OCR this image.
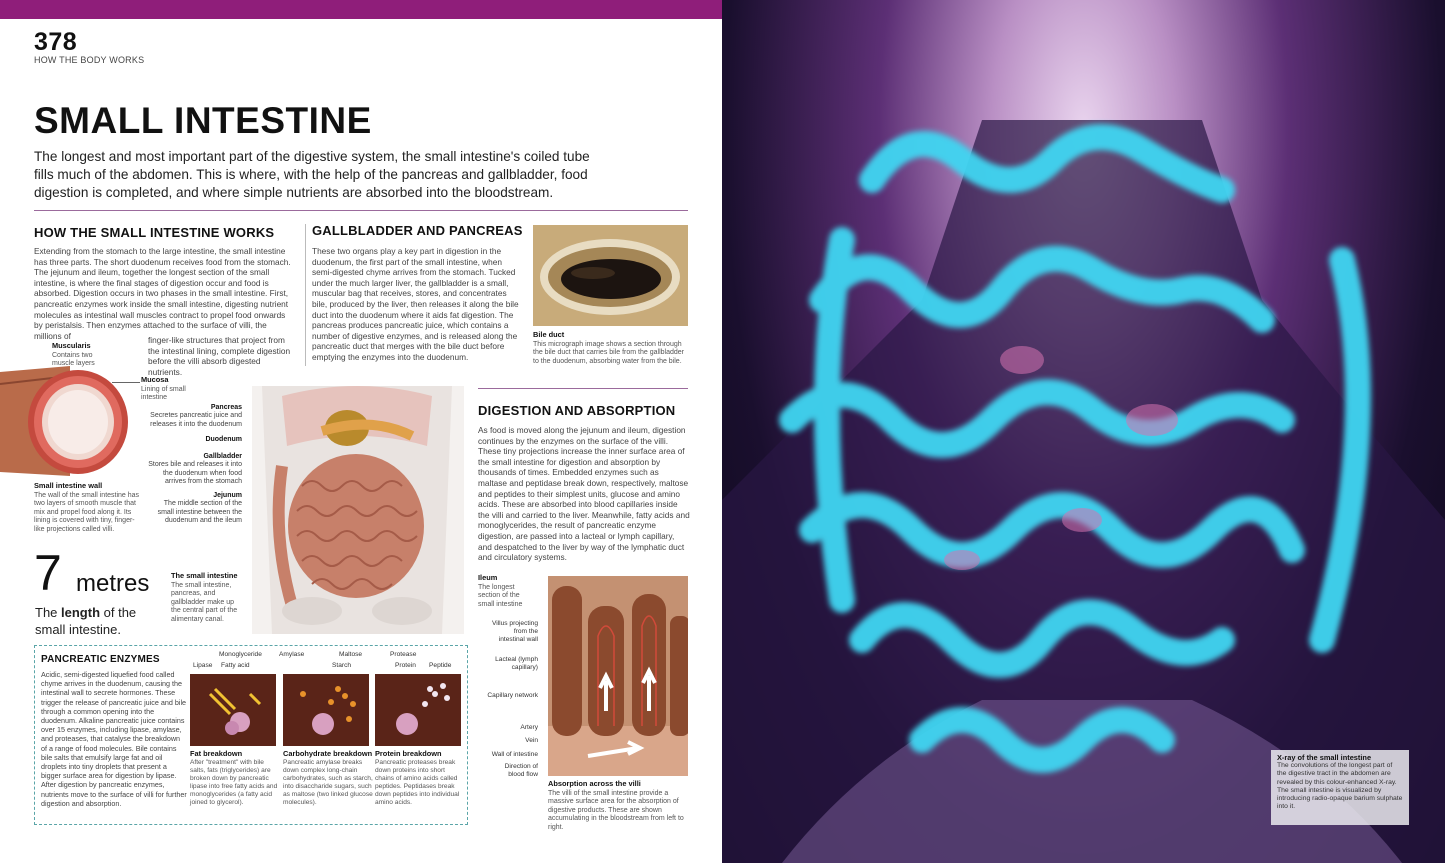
378
HOW THE BODY WORKS
SMALL INTESTINE
The longest and most important part of the digestive system, the small intestine's coiled tube fills much of the abdomen. This is where, with the help of the pancreas and gallbladder, food digestion is completed, and where simple nutrients are absorbed into the bloodstream.
HOW THE SMALL INTESTINE WORKS
Extending from the stomach to the large intestine, the small intestine has three parts. The short duodenum receives food from the stomach. The jejunum and ileum, together the longest section of the small intestine, is where the final stages of digestion occur and food is absorbed. Digestion occurs in two phases in the small intestine. First, pancreatic enzymes work inside the small intestine, digesting nutrient molecules as intestinal wall muscles contract to propel food onwards by peristalsis. Then enzymes attached to the surface of villi, the millions of	finger-like structures that project from the intestinal lining, complete digestion before the villi absorb digested nutrients.
GALLBLADDER AND PANCREAS
These two organs play a key part in digestion in the duodenum, the first part of the small intestine, when semi-digested chyme arrives from the stomach. Tucked under the much larger liver, the gallbladder is a small, muscular bag that receives, stores, and concentrates bile, produced by the liver, then releases it along the bile duct into the duodenum where it aids fat digestion. The pancreas produces pancreatic juice, which contains a number of digestive enzymes, and is released along the pancreatic duct that merges with the bile duct before emptying the enzymes into the duodenum.
Bile duct
This micrograph image shows a section through the bile duct that carries bile from the gallbladder to the duodenum, absorbing water from the bile.
Muscularis
Contains two muscle layers
Mucosa
Lining of small intestine
Small intestine wall
The wall of the small intestine has two layers of smooth muscle that mix and propel food along it. Its lining is covered with tiny, finger-like projections called villi.
Pancreas
Secretes pancreatic juice and releases it into the duodenum
Duodenum
Gallbladder
Stores bile and releases it into the duodenum when food arrives from the stomach
Jejunum
The middle section of the small intestine between the duodenum and the ileum
Ileum
The longest section of the small intestine
The small intestine
The small intestine, pancreas, and gallbladder make up the central part of the alimentary canal.
7 metres
The length of the
small intestine.
DIGESTION AND ABSORPTION
As food is moved along the jejunum and ileum, digestion continues by the enzymes on the surface of the villi. These tiny projections increase the inner surface area of the small intestine for digestion and absorption by thousands of times. Embedded enzymes such as maltase and peptidase break down, respectively, maltose and peptides to their simplest units, glucose and amino acids. These are absorbed into blood capillaries inside the villi and carried to the liver. Meanwhile, fatty acids and monoglycerides, the result of pancreatic enzyme digestion, are passed into a lacteal or lymph capillary, and despatched to the liver by way of the lymphatic duct and circulatory systems.
Villus projecting from the intestinal wall
Lacteal (lymph capillary)
Capillary network
Artery
Vein
Wall of intestine
Direction of blood flow
Absorption across the villi
The villi of the small intestine provide a massive surface area for the absorption of digestive products. These are shown accumulating in the bloodstream from left to right.
PANCREATIC ENZYMES
Acidic, semi-digested liquefied food called chyme arrives in the duodenum, causing the intestinal wall to secrete hormones. These trigger the release of pancreatic juice and bile through a common opening into the duodenum. Alkaline pancreatic juice contains over 15 enzymes, including lipase, amylase, and proteases, that catalyse the breakdown of a range of food molecules. Bile contains bile salts that emulsify large fat and oil droplets into tiny droplets that present a bigger surface area for digestion by lipase. After digestion by pancreatic enzymes, nutrients move to the surface of villi for further digestion and absorption.
Monoglyceride
Lipase Fatty acid
Amylase	Maltose
Starch
Protease
Protein Peptide
Fat breakdown
After "treatment" with bile salts, fats (triglycerides) are broken down by pancreatic lipase into free fatty acids and monoglycerides (a fatty acid joined to glycerol).
Carbohydrate breakdown
Pancreatic amylase breaks down complex long-chain carbohydrates, such as starch, into disaccharide sugars, such as maltose (two linked glucose molecules).
Protein breakdown
Pancreatic proteases break down proteins into short chains of amino acids called peptides. Peptidases break down peptides into individual amino acids.
X-ray of the small intestine
The convolutions of the longest part of the digestive tract in the abdomen are revealed by this colour-enhanced X-ray. The small intestine is visualized by introducing radio-opaque barium sulphate into it.
